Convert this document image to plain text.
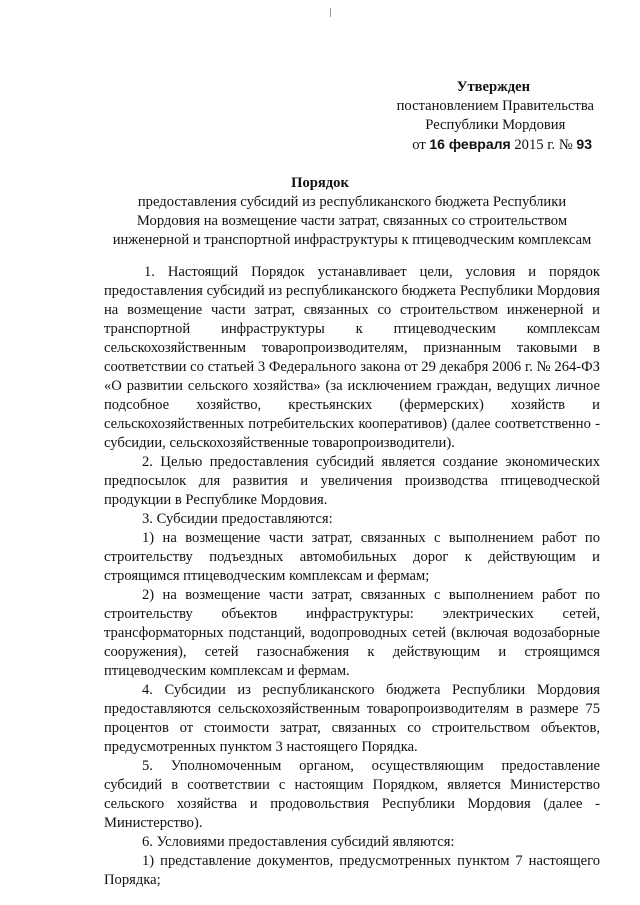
Утвержден
постановлением Правительства
Республики Мордовия
от 16 февраля 2015 г. № 93
Порядок
предоставления субсидий из республиканского бюджета Республики Мордовия на возмещение части затрат, связанных со строительством инженерной и транспортной инфраструктуры к птицеводческим комплексам

1. Настоящий Порядок устанавливает цели, условия и порядок предоставления субсидий из республиканского бюджета Республики Мордовия на возмещение части затрат, связанных со строительством инженерной и транспортной инфраструктуры к птицеводческим комплексам сельскохозяйственным товаропроизводителям, признанным таковыми в соответствии со статьей 3 Федерального закона от 29 декабря 2006 г. № 264-ФЗ «О развитии сельского хозяйства» (за исключением граждан, ведущих личное подсобное хозяйство, крестьянских (фермерских) хозяйств и сельскохозяйственных потребительских кооперативов) (далее соответственно - субсидии, сельскохозяйственные товаропроизводители).

2. Целью предоставления субсидий является создание экономических предпосылок для развития и увеличения производства птицеводческой продукции в Республике Мордовия.

3. Субсидии предоставляются:

1) на возмещение части затрат, связанных с выполнением работ по строительству подъездных автомобильных дорог к действующим и строящимся птицеводческим комплексам и фермам;

2) на возмещение части затрат, связанных с выполнением работ по строительству объектов инфраструктуры: электрических сетей, трансформаторных подстанций, водопроводных сетей (включая водозаборные сооружения), сетей газоснабжения к действующим и строящимся птицеводческим комплексам и фермам.

4. Субсидии из республиканского бюджета Республики Мордовия предоставляются сельскохозяйственным товаропроизводителям в размере 75 процентов от стоимости затрат, связанных со строительством объектов, предусмотренных пунктом 3 настоящего Порядка.

5. Уполномоченным органом, осуществляющим предоставление субсидий в соответствии с настоящим Порядком, является Министерство сельского хозяйства и продовольствия Республики Мордовия (далее - Министерство).

6. Условиями предоставления субсидий являются:

1) представление документов, предусмотренных пунктом 7 настоящего Порядка;
